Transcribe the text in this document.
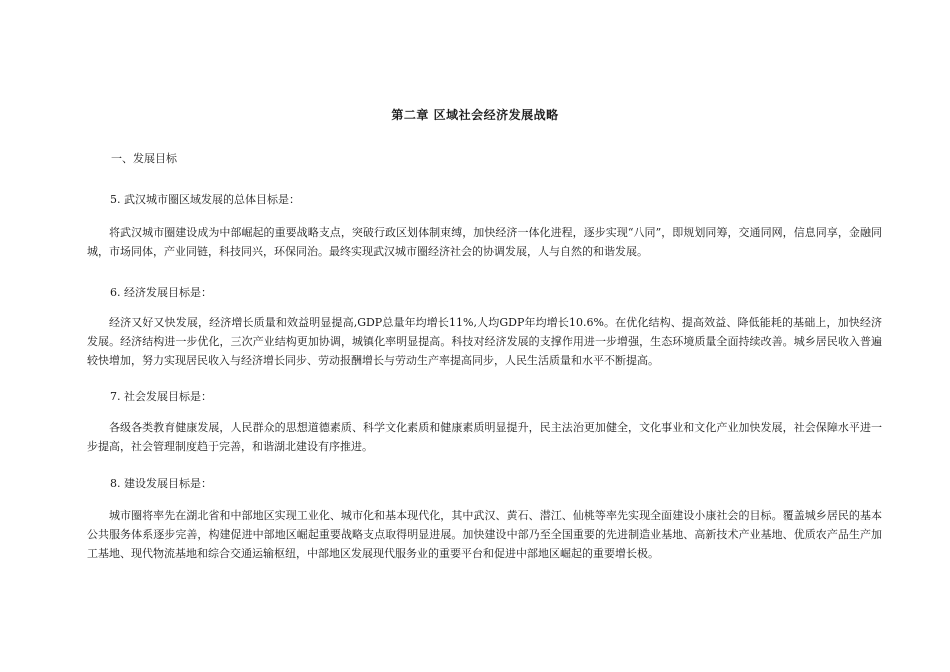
第二章 区域社会经济发展战略
一、发展目标
5. 武汉城市圈区域发展的总体目标是：
将武汉城市圈建设成为中部崛起的重要战略支点，突破行政区划体制束缚，加快经济一体化进程，逐步实现“八同”，即规划同筹，交通同网，信息同享，金融同城，市场同体，产业同链，科技同兴，环保同治。最终实现武汉城市圈经济社会的协调发展，人与自然的和谐发展。
6. 经济发展目标是：
经济又好又快发展，经济增长质量和效益明显提高,GDP总量年均增长11%,人均GDP年均增长10.6%。在优化结构、提高效益、降低能耗的基础上，加快经济发展。经济结构进一步优化，三次产业结构更加协调，城镇化率明显提高。科技对经济发展的支撑作用进一步增强，生态环境质量全面持续改善。城乡居民收入普遍较快增加，努力实现居民收入与经济增长同步、劳动报酬增长与劳动生产率提高同步，人民生活质量和水平不断提高。
7. 社会发展目标是：
各级各类教育健康发展，人民群众的思想道德素质、科学文化素质和健康素质明显提升，民主法治更加健全，文化事业和文化产业加快发展，社会保障水平进一步提高，社会管理制度趋于完善，和谐湖北建设有序推进。
8. 建设发展目标是：
城市圈将率先在湖北省和中部地区实现工业化、城市化和基本现代化，其中武汉、黄石、潜江、仙桃等率先实现全面建设小康社会的目标。覆盖城乡居民的基本公共服务体系逐步完善，构建促进中部地区崛起重要战略支点取得明显进展。加快建设中部乃至全国重要的先进制造业基地、高新技术产业基地、优质农产品生产加工基地、现代物流基地和综合交通运输枢纽，中部地区发展现代服务业的重要平台和促进中部地区崛起的重要增长极。
